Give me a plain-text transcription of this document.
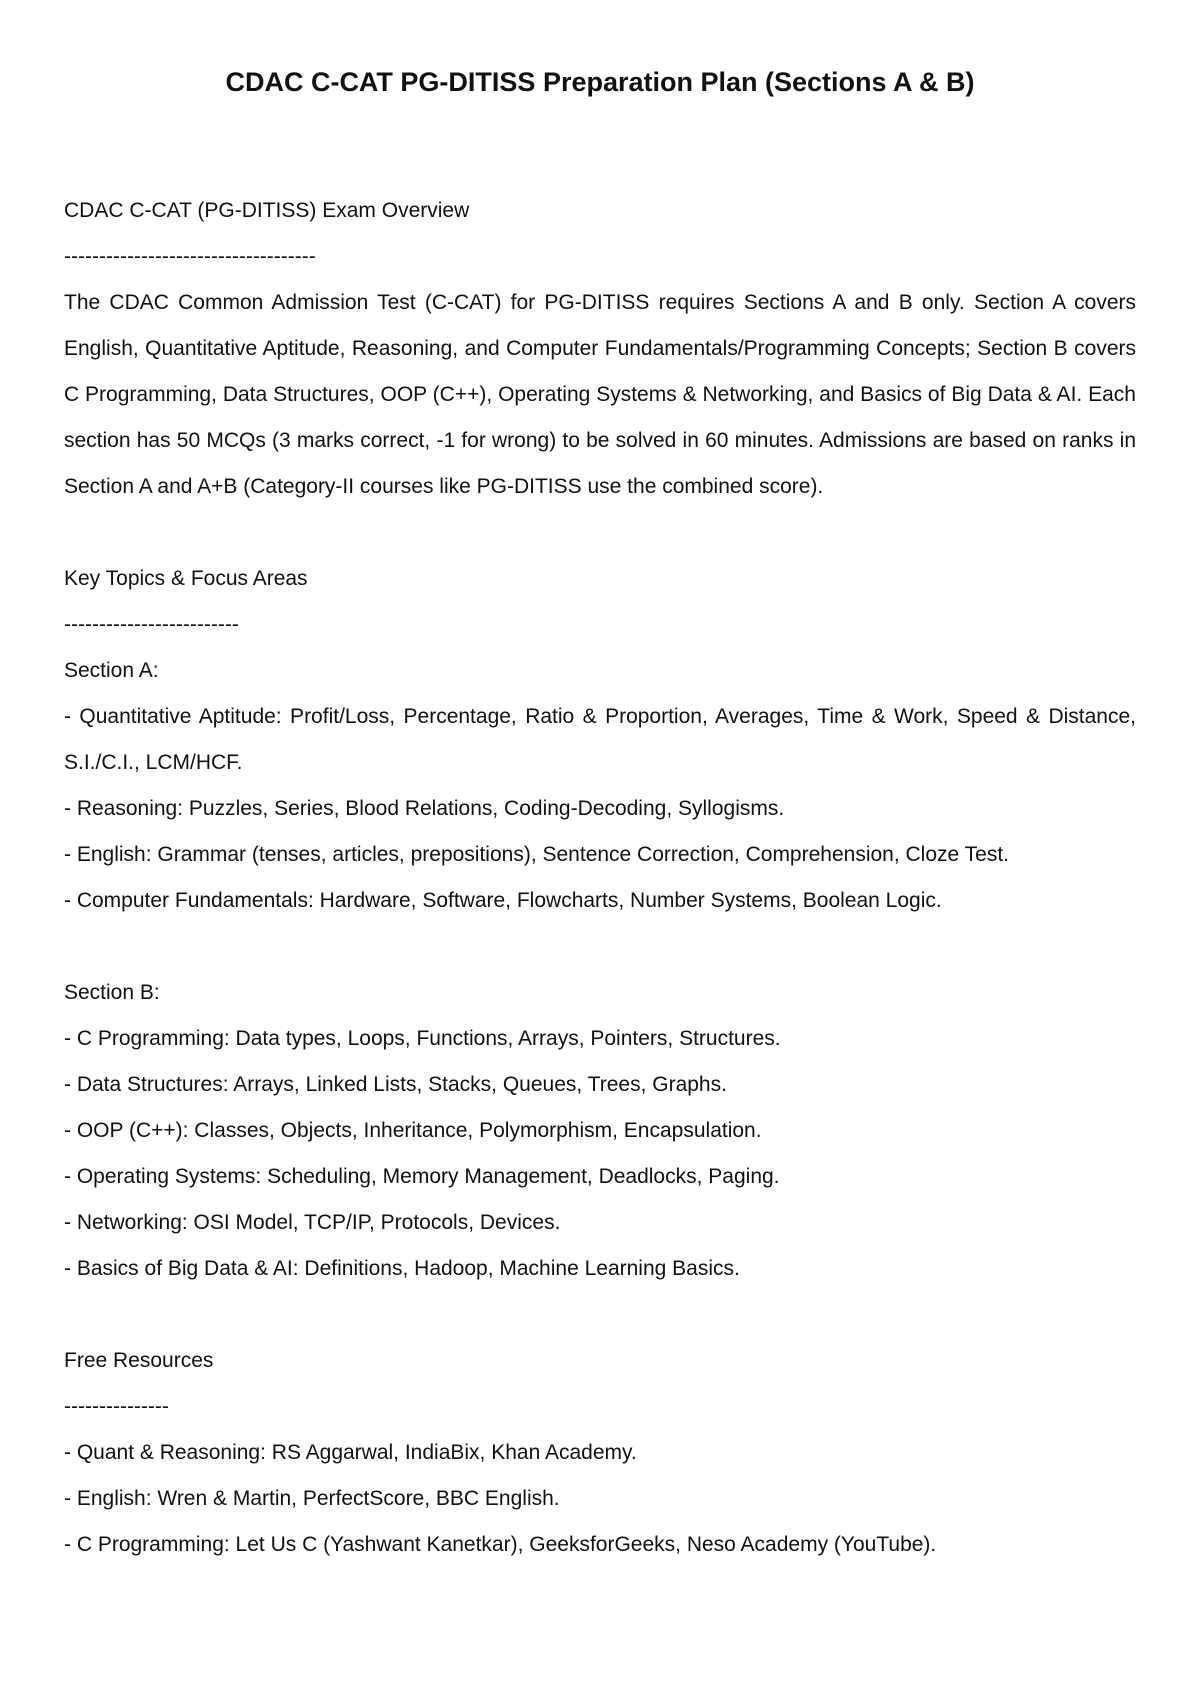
CDAC C-CAT PG-DITISS Preparation Plan (Sections A & B)

CDAC C-CAT (PG-DITISS) Exam Overview

------------------------------------

The CDAC Common Admission Test (C-CAT) for PG-DITISS requires Sections A and B only. Section A covers English, Quantitative Aptitude, Reasoning, and Computer Fundamentals/Programming Concepts; Section B covers C Programming, Data Structures, OOP (C++), Operating Systems & Networking, and Basics of Big Data & AI. Each section has 50 MCQs (3 marks correct, -1 for wrong) to be solved in 60 minutes. Admissions are based on ranks in Section A and A+B (Category-II courses like PG-DITISS use the combined score).

Key Topics & Focus Areas

-------------------------

Section A:

- Quantitative Aptitude: Profit/Loss, Percentage, Ratio & Proportion, Averages, Time & Work, Speed & Distance, S.I./C.I., LCM/HCF.

- Reasoning: Puzzles, Series, Blood Relations, Coding-Decoding, Syllogisms.

- English: Grammar (tenses, articles, prepositions), Sentence Correction, Comprehension, Cloze Test.

- Computer Fundamentals: Hardware, Software, Flowcharts, Number Systems, Boolean Logic.

Section B:

- C Programming: Data types, Loops, Functions, Arrays, Pointers, Structures.

- Data Structures: Arrays, Linked Lists, Stacks, Queues, Trees, Graphs.

- OOP (C++): Classes, Objects, Inheritance, Polymorphism, Encapsulation.

- Operating Systems: Scheduling, Memory Management, Deadlocks, Paging.

- Networking: OSI Model, TCP/IP, Protocols, Devices.

- Basics of Big Data & AI: Definitions, Hadoop, Machine Learning Basics.

Free Resources

---------------

- Quant & Reasoning: RS Aggarwal, IndiaBix, Khan Academy.

- English: Wren & Martin, PerfectScore, BBC English.

- C Programming: Let Us C (Yashwant Kanetkar), GeeksforGeeks, Neso Academy (YouTube).
